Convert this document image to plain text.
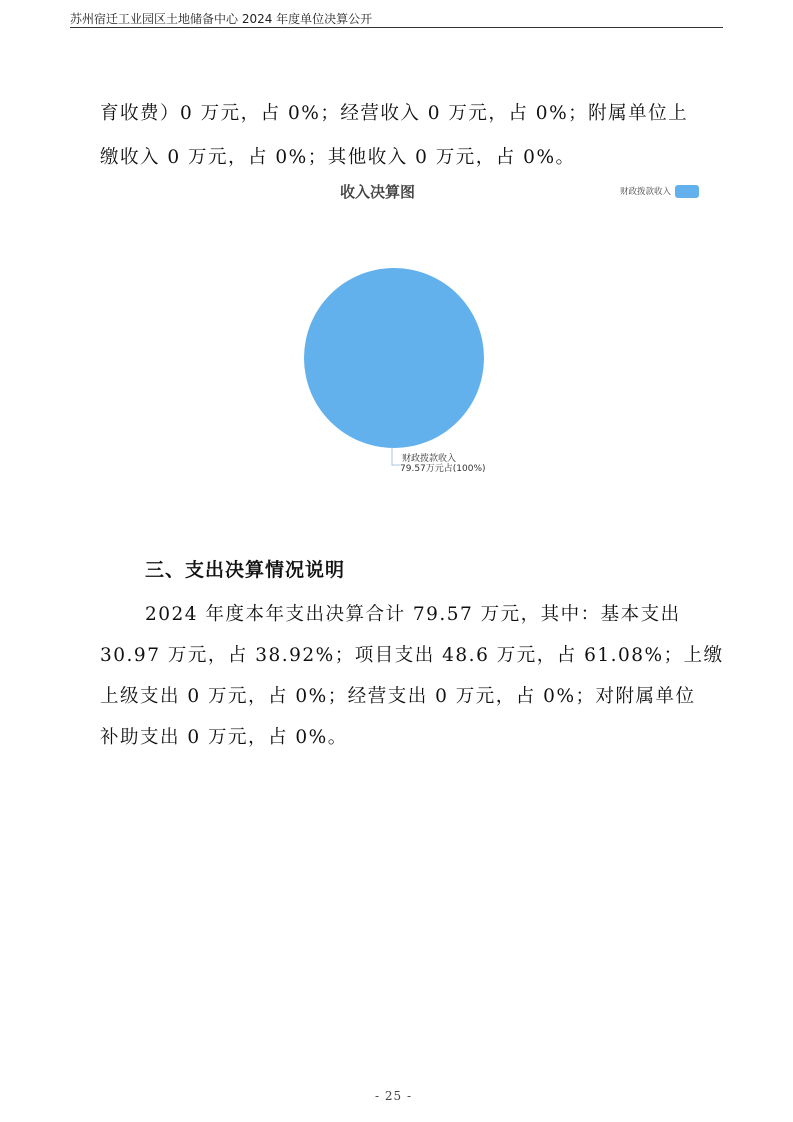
苏州宿迁工业园区土地储备中心 2024 年度单位决算公开
育收费）0 万元，占 0%；经营收入 0 万元，占 0%；附属单位上
缴收入 0 万元，占 0%；其他收入 0 万元，占 0%。
收入决算图	财政拨款收入
财政拨款收入
79.57万元占(100%)
三、支出决算情况说明
2024 年度本年支出决算合计 79.57 万元，其中：基本支出
30.97 万元，占 38.92%；项目支出 48.6 万元，占 61.08%；上缴
上级支出 0 万元，占 0%；经营支出 0 万元，占 0%；对附属单位
补助支出 0 万元，占 0%。
- 25 -
